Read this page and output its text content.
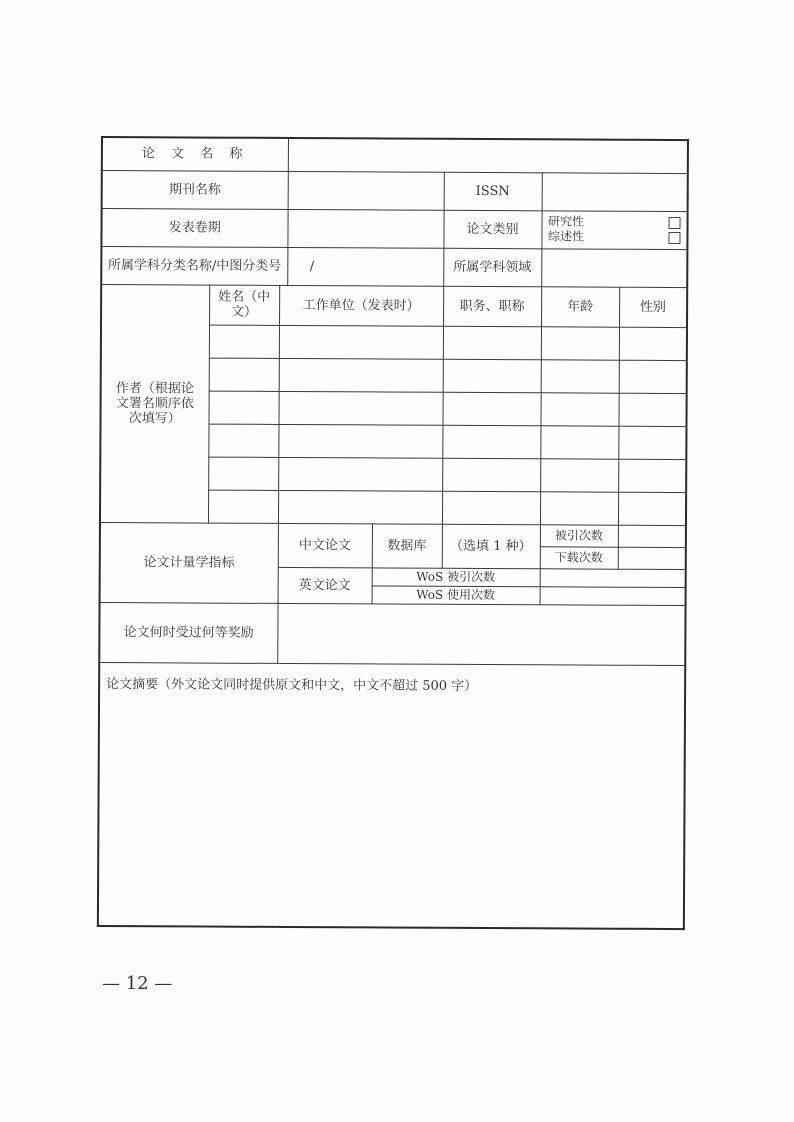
论 文 名 称							
期刊名称					ISSN		
发表卷期					论文类别	研究性
综述性	

所属学科分类名称/中图分类号			/		所属学科领域		
作者（根据论文署名顺序依次填写）	姓名（中文）	工作单位（发表时）			职务、职称	年龄	性别

论文计量学指标		中文论文		数据库	（选填 1 种）	被引次数	
						下载次数	
		英文论文		WoS 被引次数			
				WoS 使用次数			
论文何时受过何等奖励							
论文摘要（外文论文同时提供原文和中文，中文不超过 500 字）							
— 12 —
